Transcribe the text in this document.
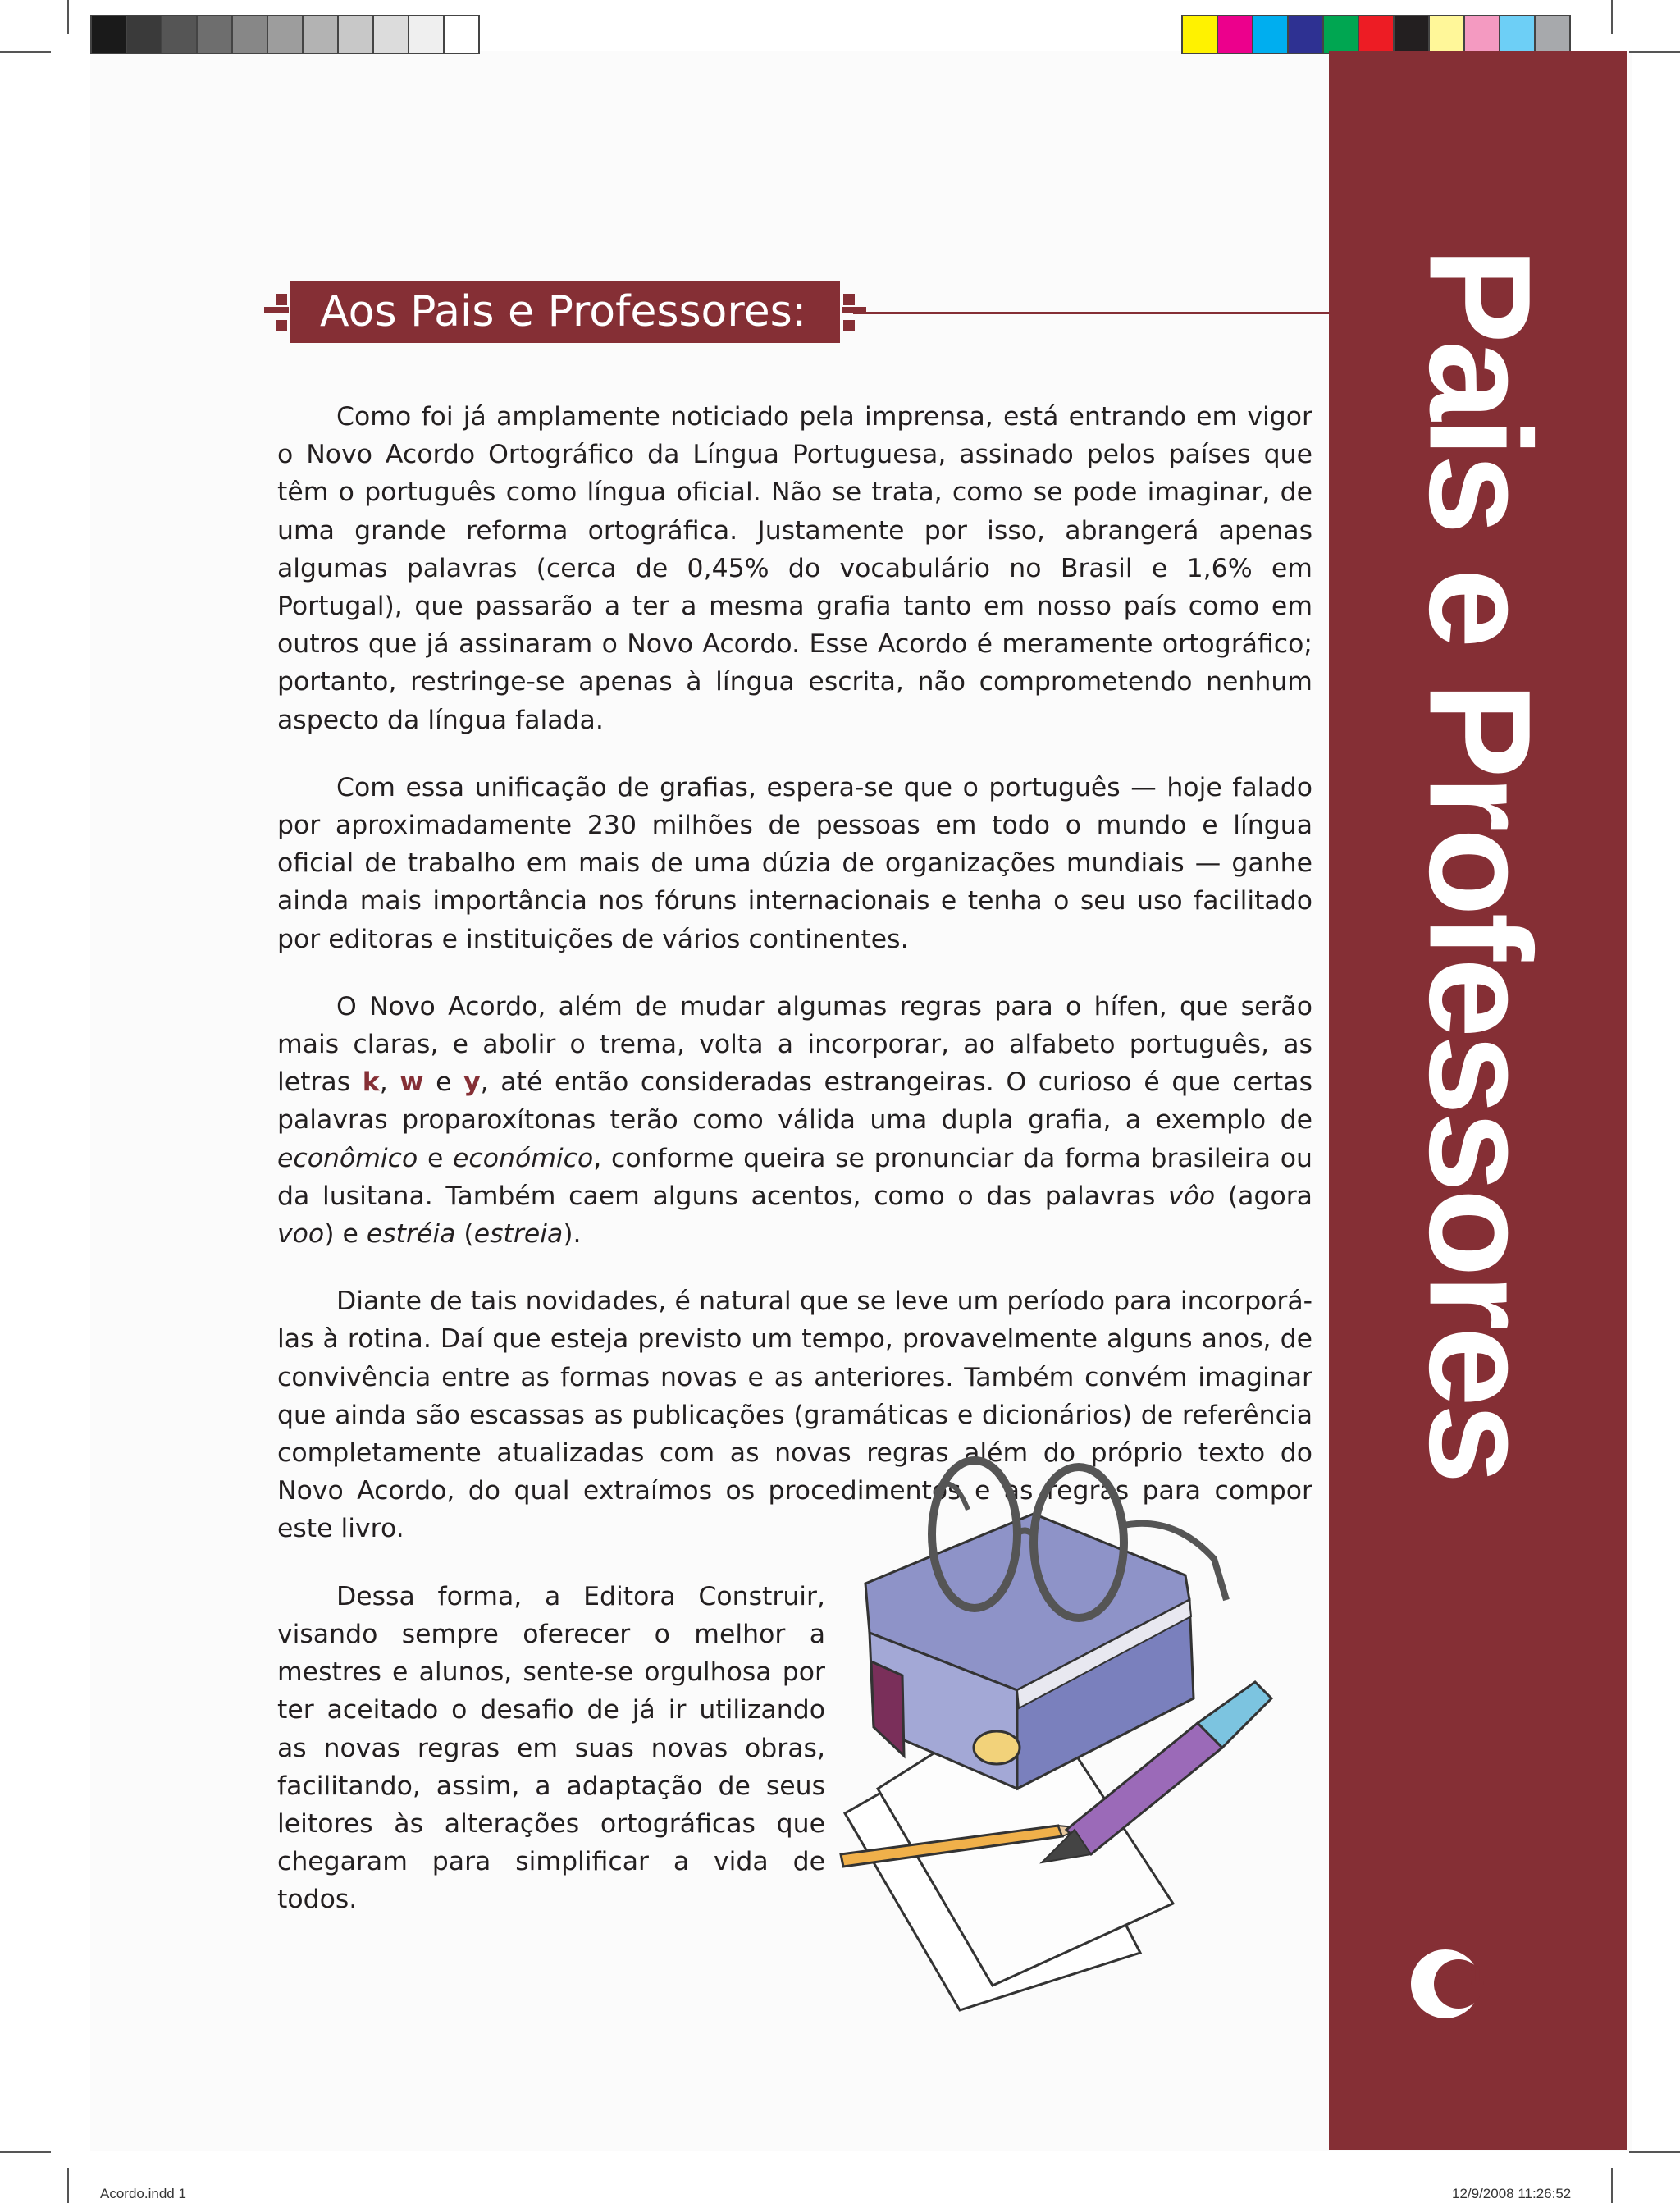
Pais e Professores
1
Aos Pais e Professores:

Como foi já amplamente noticiado pela imprensa, está entrando em vigor o Novo Acordo Ortográfico da Língua Portuguesa, assinado pelos países que têm o português como língua oficial. Não se trata, como se pode imaginar, de uma grande reforma ortográfica. Justamente por isso, abrangerá apenas algumas palavras (cerca de 0,45% do vocabulário no Brasil e 1,6% em Portugal), que passarão a ter a mesma grafia tanto em nosso país como em outros que já assinaram o Novo Acordo. Esse Acordo é meramente ortográfico; portanto, restringe-se apenas à língua escrita, não comprometendo nenhum aspecto da língua falada.

Com essa unificação de grafias, espera-se que o português — hoje falado por aproximadamente 230 milhões de pessoas em todo o mundo e língua oficial de trabalho em mais de uma dúzia de organizações mundiais — ganhe ainda mais importância nos fóruns internacionais e tenha o seu uso facilitado por editoras e instituições de vários continentes.

O Novo Acordo, além de mudar algumas regras para o hífen, que serão mais claras, e abolir o trema, volta a incorporar, ao alfabeto português, as letras k, w e y, até então consideradas estrangeiras. O curioso é que certas palavras proparoxítonas terão como válida uma dupla grafia, a exemplo de econômico e económico, conforme queira se pronunciar da forma brasileira ou da lusitana. Também caem alguns acentos, como o das palavras vôo (agora voo) e estréia (estreia).

Diante de tais novidades, é natural que se leve um período para incorporá-las à rotina. Daí que esteja previsto um tempo, provavelmente alguns anos, de convivência entre as formas novas e as anteriores. Também convém imaginar que ainda são escassas as publicações (gramáticas e dicionários) de referência completamente atualizadas com as novas regras além do próprio texto do Novo Acordo, do qual extraímos os procedimentos e as regras para compor este livro.

Dessa forma, a Editora Construir, visando sempre oferecer o melhor a mestres e alunos, sente-se orgulhosa por ter aceitado o desafio de já ir utilizando as novas regras em suas novas obras, facilitando, assim, a adaptação de seus leitores às alterações ortográficas que chegaram para simplificar a vida de todos.

Acordo.indd 1	12/9/2008 11:26:52
